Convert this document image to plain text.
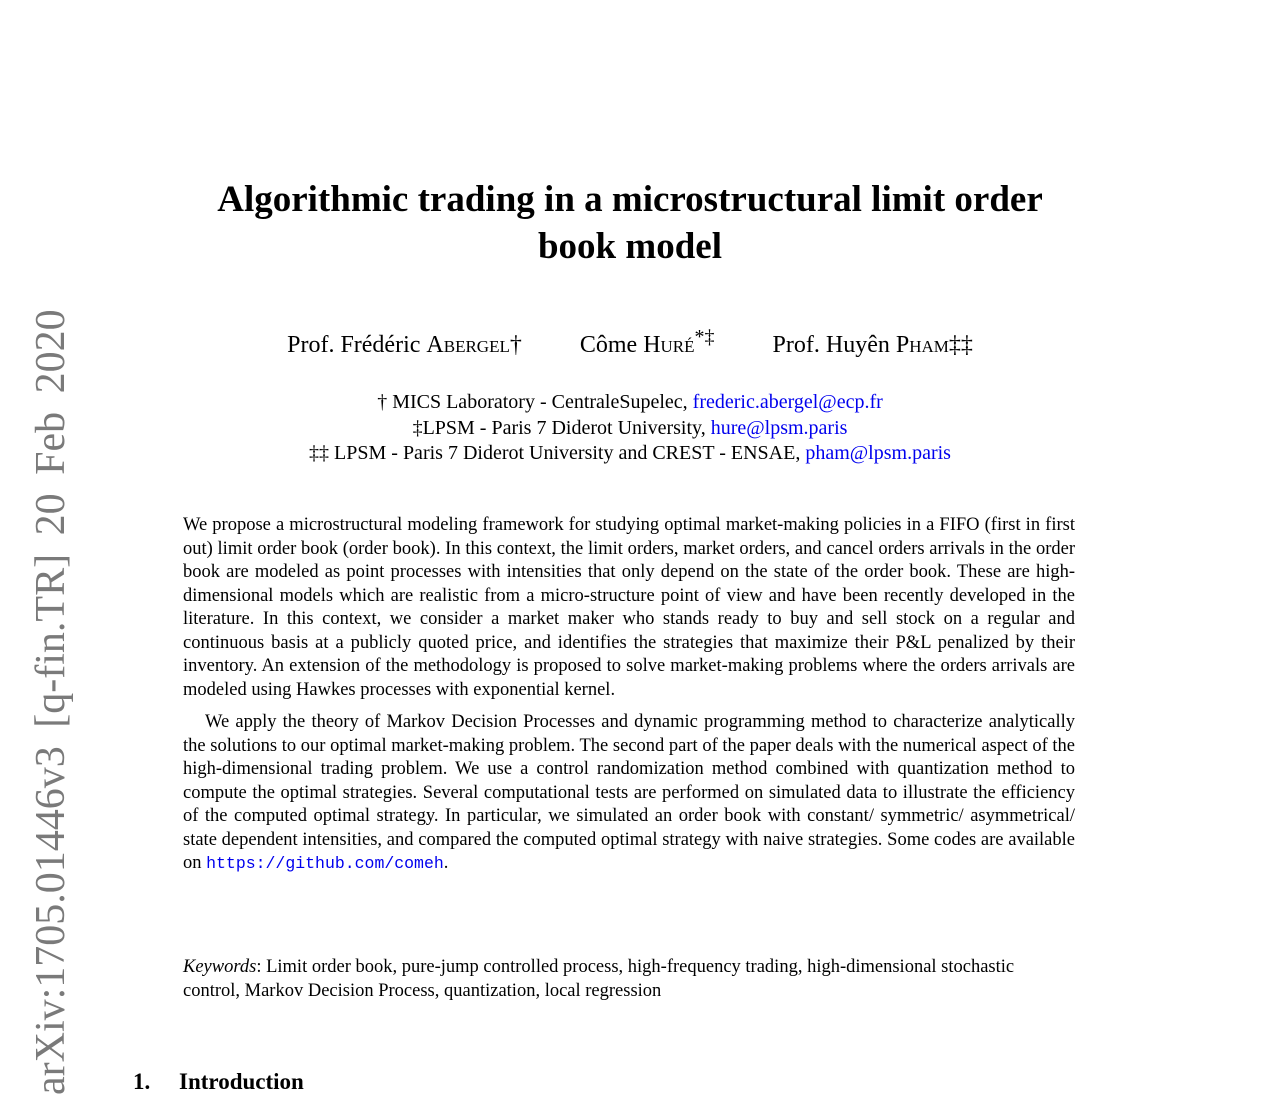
arXiv:1705.01446v3 [q-fin.TR] 20 Feb 2020
Algorithmic trading in a microstructural limit order
book model
Prof. Frédéric Abergel† Côme Huré*‡ Prof. Huyên Pham‡‡
† MICS Laboratory - CentraleSupelec, frederic.abergel@ecp.fr
‡LPSM - Paris 7 Diderot University, hure@lpsm.paris
‡‡ LPSM - Paris 7 Diderot University and CREST - ENSAE, pham@lpsm.paris

We propose a microstructural modeling framework for studying optimal market-making policies in a FIFO (first in first out) limit order book (order book). In this context, the limit orders, market orders, and cancel orders arrivals in the order book are modeled as point processes with intensities that only depend on the state of the order book. These are high-dimensional models which are realistic from a micro-structure point of view and have been recently developed in the literature. In this context, we consider a market maker who stands ready to buy and sell stock on a regular and continuous basis at a publicly quoted price, and identifies the strategies that maximize their P&L penalized by their inventory. An extension of the methodology is proposed to solve market-making problems where the orders arrivals are modeled using Hawkes processes with exponential kernel.

We apply the theory of Markov Decision Processes and dynamic programming method to characterize analytically the solutions to our optimal market-making problem. The second part of the paper deals with the numerical aspect of the high-dimensional trading problem. We use a control randomization method combined with quantization method to compute the optimal strategies. Several computational tests are performed on simulated data to illustrate the efficiency of the computed optimal strategy. In particular, we simulated an order book with constant/ symmetric/ asymmetrical/ state dependent intensities, and compared the computed optimal strategy with naive strategies. Some codes are available on https://github.com/comeh.

Keywords: Limit order book, pure-jump controlled process, high-frequency trading, high-dimensional stochastic control, Markov Decision Process, quantization, local regression
1. Introduction
